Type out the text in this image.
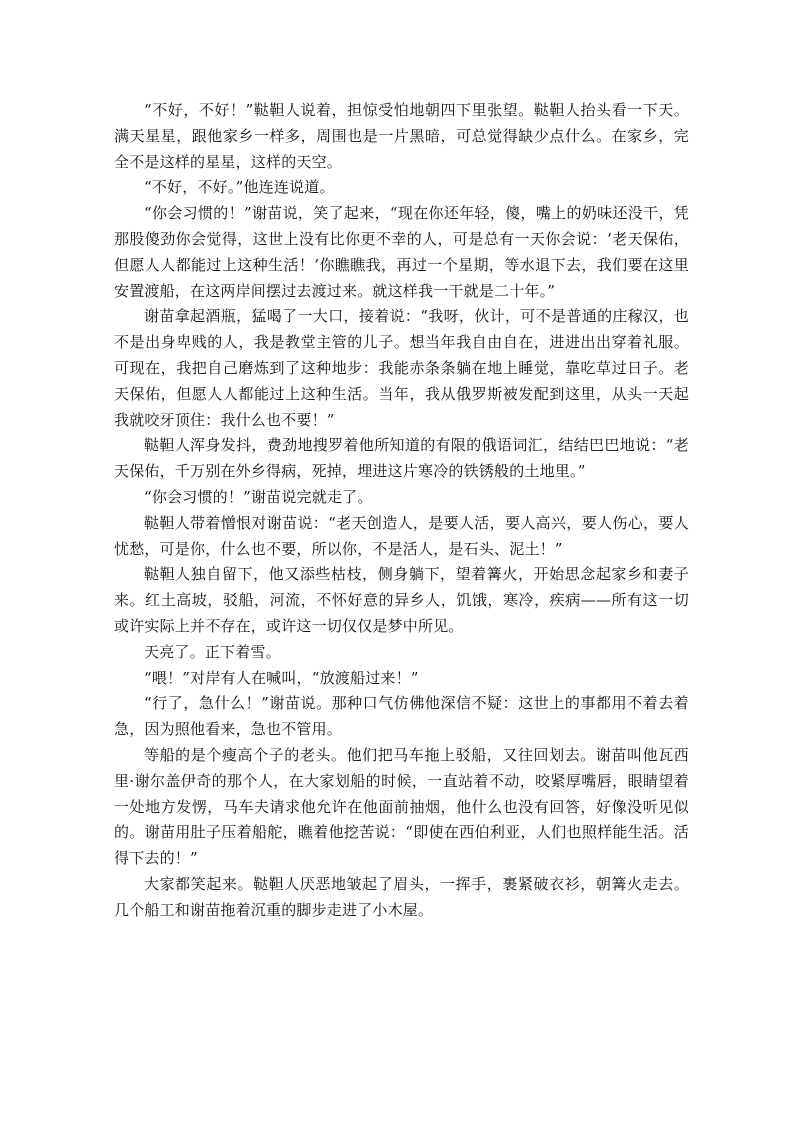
“不好，不好！”鞑靼人说着，担惊受怕地朝四下里张望。鞑靼人抬头看一下天。满天星星，跟他家乡一样多，周围也是一片黑暗，可总觉得缺少点什么。在家乡，完全不是这样的星星，这样的天空。

“不好，不好。”他连连说道。

“你会习惯的！”谢苗说，笑了起来，“现在你还年轻，傻，嘴上的奶味还没干，凭那股傻劲你会觉得，这世上没有比你更不幸的人，可是总有一天你会说：‘老天保佑，但愿人人都能过上这种生活！’你瞧瞧我，再过一个星期，等水退下去，我们要在这里安置渡船，在这两岸间摆过去渡过来。就这样我一干就是二十年。”

谢苗拿起酒瓶，猛喝了一大口，接着说：“我呀，伙计，可不是普通的庄稼汉，也不是出身卑贱的人，我是教堂主管的儿子。想当年我自由自在，进进出出穿着礼服。可现在，我把自己磨炼到了这种地步：我能赤条条躺在地上睡觉，靠吃草过日子。老天保佑，但愿人人都能过上这种生活。当年，我从俄罗斯被发配到这里，从头一天起我就咬牙顶住：我什么也不要！”

鞑靼人浑身发抖，费劲地搜罗着他所知道的有限的俄语词汇，结结巴巴地说：“老天保佑，千万别在外乡得病，死掉，埋进这片寒冷的铁锈般的土地里。”

“你会习惯的！”谢苗说完就走了。

鞑靼人带着憎恨对谢苗说：“老天创造人，是要人活，要人高兴，要人伤心，要人忧愁，可是你，什么也不要，所以你，不是活人，是石头、泥土！”

鞑靼人独自留下，他又添些枯枝，侧身躺下，望着篝火，开始思念起家乡和妻子来。红土高坡，驳船，河流，不怀好意的异乡人，饥饿，寒冷，疾病——所有这一切或许实际上并不存在，或许这一切仅仅是梦中所见。

天亮了。正下着雪。

“喂！”对岸有人在喊叫，“放渡船过来！”

“行了，急什么！”谢苗说。那种口气仿佛他深信不疑：这世上的事都用不着去着急，因为照他看来，急也不管用。

等船的是个瘦高个子的老头。他们把马车拖上驳船，又往回划去。谢苗叫他瓦西里·谢尔盖伊奇的那个人，在大家划船的时候，一直站着不动，咬紧厚嘴唇，眼睛望着一处地方发愣，马车夫请求他允许在他面前抽烟，他什么也没有回答，好像没听见似的。谢苗用肚子压着船舵，瞧着他挖苦说：“即使在西伯利亚，人们也照样能生活。活得下去的！”

大家都笑起来。鞑靼人厌恶地皱起了眉头，一挥手，裹紧破衣衫，朝篝火走去。几个船工和谢苗拖着沉重的脚步走进了小木屋。
